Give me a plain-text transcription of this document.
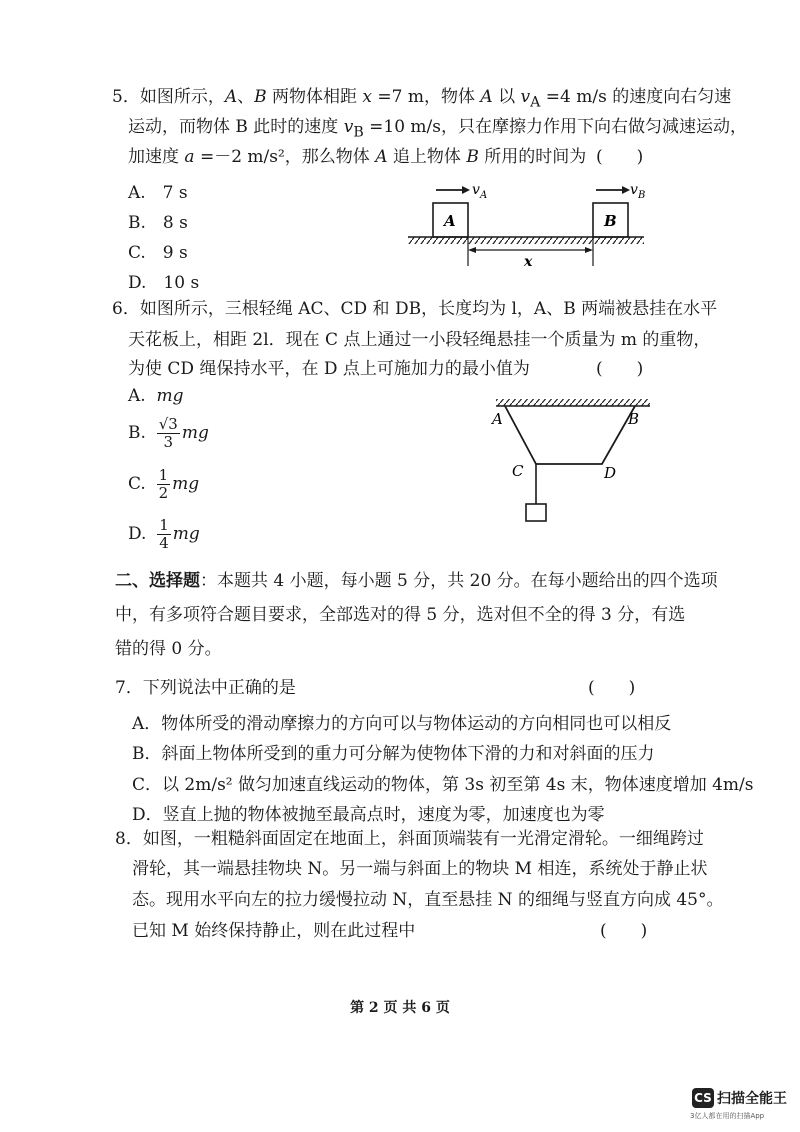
5．如图所示，A、B 两物体相距 x =7 m，物体 A 以 $v_A =4$ m/s 的速度向右匀速
运动，而物体 B 此时的速度 $v_B =10$ m/s，只在摩擦力作用下向右做匀减速运动，
加速度 a =－2 m/s²，那么物体 A 追上物体 B 所用的时间为 (　　)
A.　7 s
B.　8 s
C.　9 s
D.　10 s
v A	v B
A	B
x
6．如图所示，三根轻绳 AC、CD 和 DB，长度均为 l，A、B 两端被悬挂在水平
天花板上，相距 2l．现在 C 点上通过一小段轻绳悬挂一个质量为 m 的重物，
为使 CD 绳保持水平，在 D 点上可施加力的最小值为	(　　)
A. mg
B. $\frac{√3}{3}$ mg
C. $\frac{1}{2}$ mg
D. $\frac{1}{4}$ mg
A	B
C	D
二、选择题：本题共 4 小题，每小题 5 分，共 20 分。在每小题给出的四个选项
中，有多项符合题目要求，全部选对的得 5 分，选对但不全的得 3 分，有选
错的得 0 分。
7．下列说法中正确的是	(　　)
A．物体所受的滑动摩擦力的方向可以与物体运动的方向相同也可以相反
B．斜面上物体所受到的重力可分解为使物体下滑的力和对斜面的压力
C．以 2m/s² 做匀加速直线运动的物体，第 3s 初至第 4s 末，物体速度增加 4m/s
D．竖直上抛的物体被抛至最高点时，速度为零，加速度也为零
8．如图，一粗糙斜面固定在地面上，斜面顶端装有一光滑定滑轮。一细绳跨过
滑轮，其一端悬挂物块 N。另一端与斜面上的物块 M 相连，系统处于静止状
态。现用水平向左的拉力缓慢拉动 N，直至悬挂 N 的细绳与竖直方向成 45°。
已知 M 始终保持静止，则在此过程中	(　　)
第 2 页 共 6 页
CS 扫描全能王
3亿人都在用的扫描App
